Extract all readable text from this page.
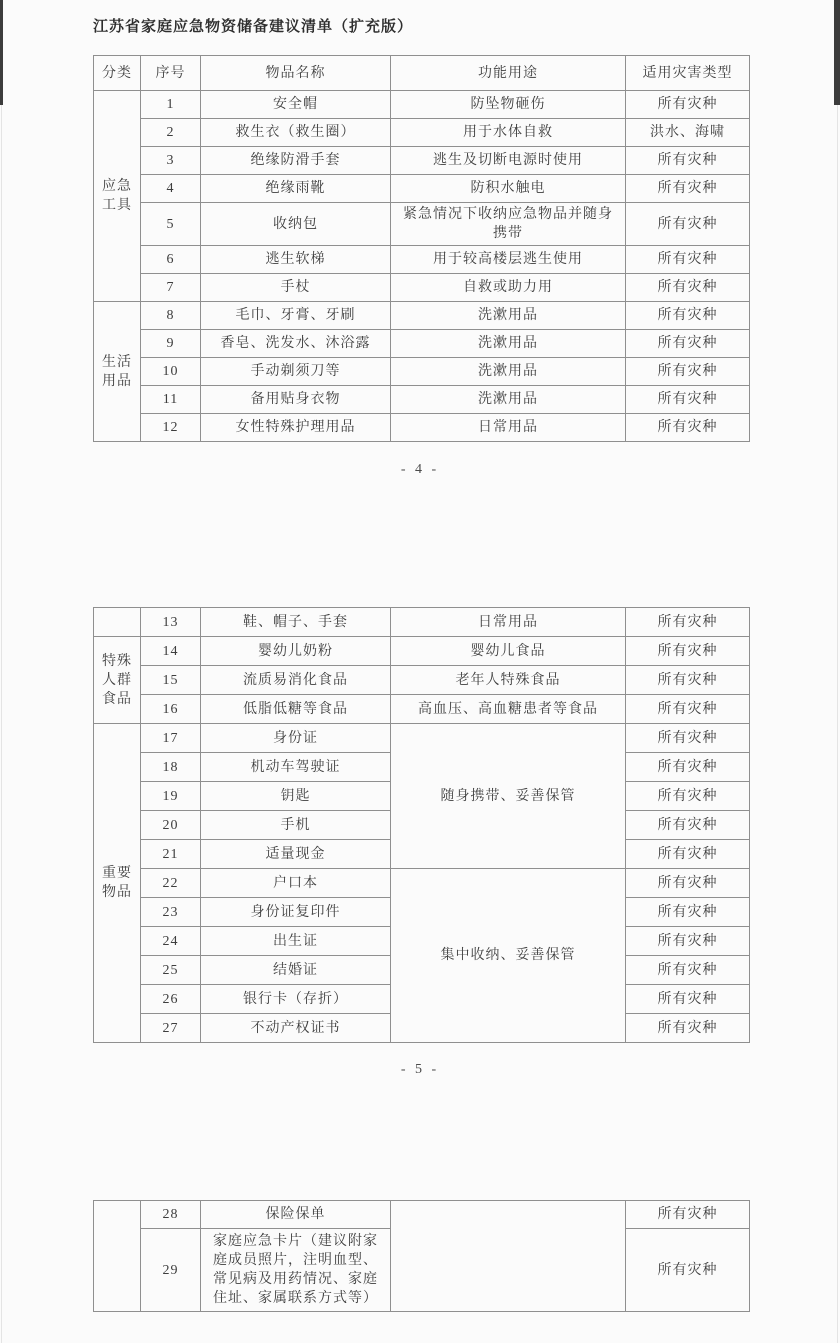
江苏省家庭应急物资储备建议清单（扩充版）
分类	序号	物品名称	功能用途	适用灾害类型
应急 工具	1	安全帽	防坠物砸伤	所有灾种
	2	救生衣（救生圈）	用于水体自救	洪水、海啸
	3	绝缘防滑手套	逃生及切断电源时使用	所有灾种
	4	绝缘雨靴	防积水触电	所有灾种
	5	收纳包	紧急情况下收纳应急物品并随身携带	所有灾种
	6	逃生软梯	用于较高楼层逃生使用	所有灾种
	7	手杖	自救或助力用	所有灾种
生活 用品	8	毛巾、牙膏、牙刷	洗漱用品	所有灾种
	9	香皂、洗发水、沐浴露	洗漱用品	所有灾种
	10	手动剃须刀等	洗漱用品	所有灾种
	11	备用贴身衣物	洗漱用品	所有灾种
	12	女性特殊护理用品	日常用品	所有灾种
- 4 -
	13	鞋、帽子、手套	日常用品	所有灾种
特殊 人群 食品	14	婴幼儿奶粉	婴幼儿食品	所有灾种
	15	流质易消化食品	老年人特殊食品	所有灾种
	16	低脂低糖等食品	高血压、高血糖患者等食品	所有灾种
重要 物品	17	身份证	随身携带、妥善保管	所有灾种
	18	机动车驾驶证		所有灾种
	19	钥匙		所有灾种
	20	手机		所有灾种
	21	适量现金		所有灾种
	22	户口本	集中收纳、妥善保管	所有灾种
	23	身份证复印件		所有灾种
	24	出生证		所有灾种
	25	结婚证		所有灾种
	26	银行卡（存折）		所有灾种
	27	不动产权证书		所有灾种
- 5 -
	28	保险保单		所有灾种
	29	家庭应急卡片（建议附家庭成员照片，注明血型、常见病及用药情况、家庭住址、家属联系方式等）		所有灾种
